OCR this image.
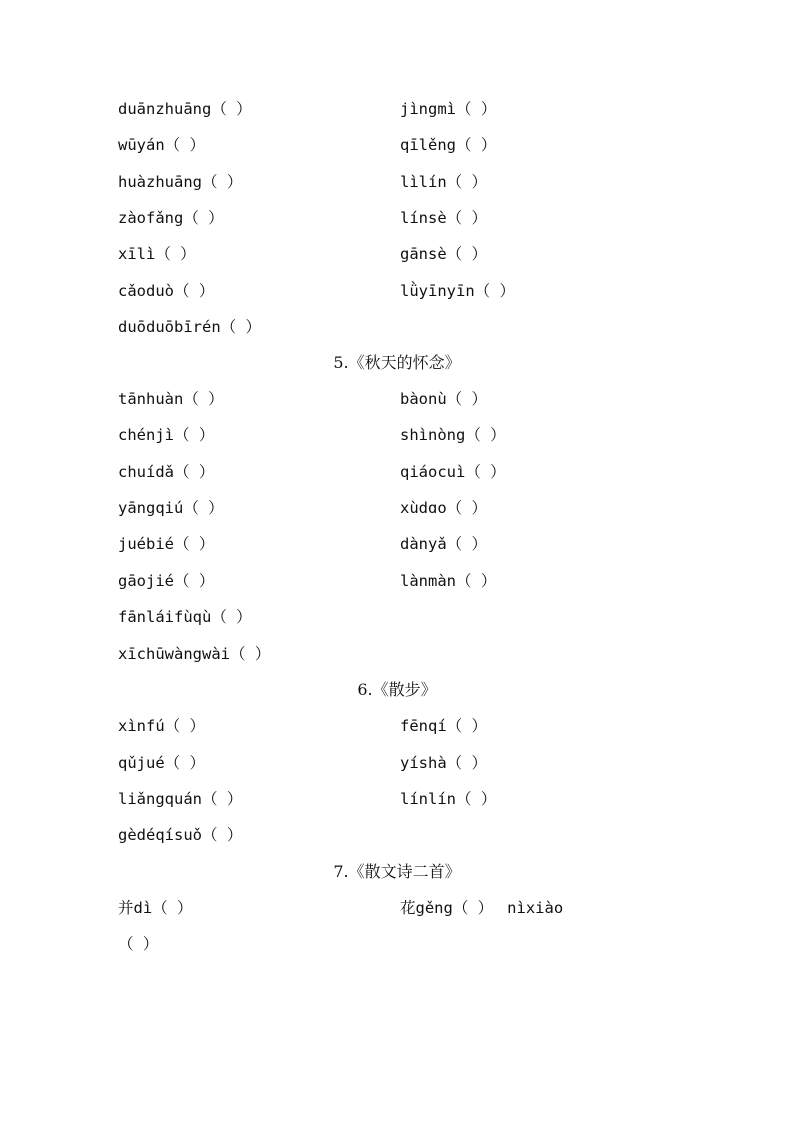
duānzhuāng（ ）	jìngmì（ ）
wūyán（ ）	qīlěng（ ）
huàzhuāng（ ）	lìlín（ ）
zàofǎng（ ）	línsè（ ）
xīlì（ ）	gānsè（ ）
cǎoduò（ ）	lǜyīnyīn（ ）
duōduōbīrén（ ）
5.《秋天的怀念》
tānhuàn（ ）	bàonù（ ）
chénjì（ ）	shìnòng（ ）
chuídǎ（ ）	qiáocuì（ ）
yāngqiú（ ）	xùdɑo（ ）
juébié（ ）	dànyǎ（ ）
gāojié（ ）	lànmàn（ ）
fānláifùqù（ ）
xīchūwàngwài（ ）
6.《散步》
xìnfú（ ）	fēnqí（ ）
qǔjué（ ）	yíshà（ ）
liǎngquán（ ）	línlín（ ）
gèdéqísuǒ（ ）
7.《散文诗二首》
并dì（ ）	花gěng（ ） nìxiào
（ ）
